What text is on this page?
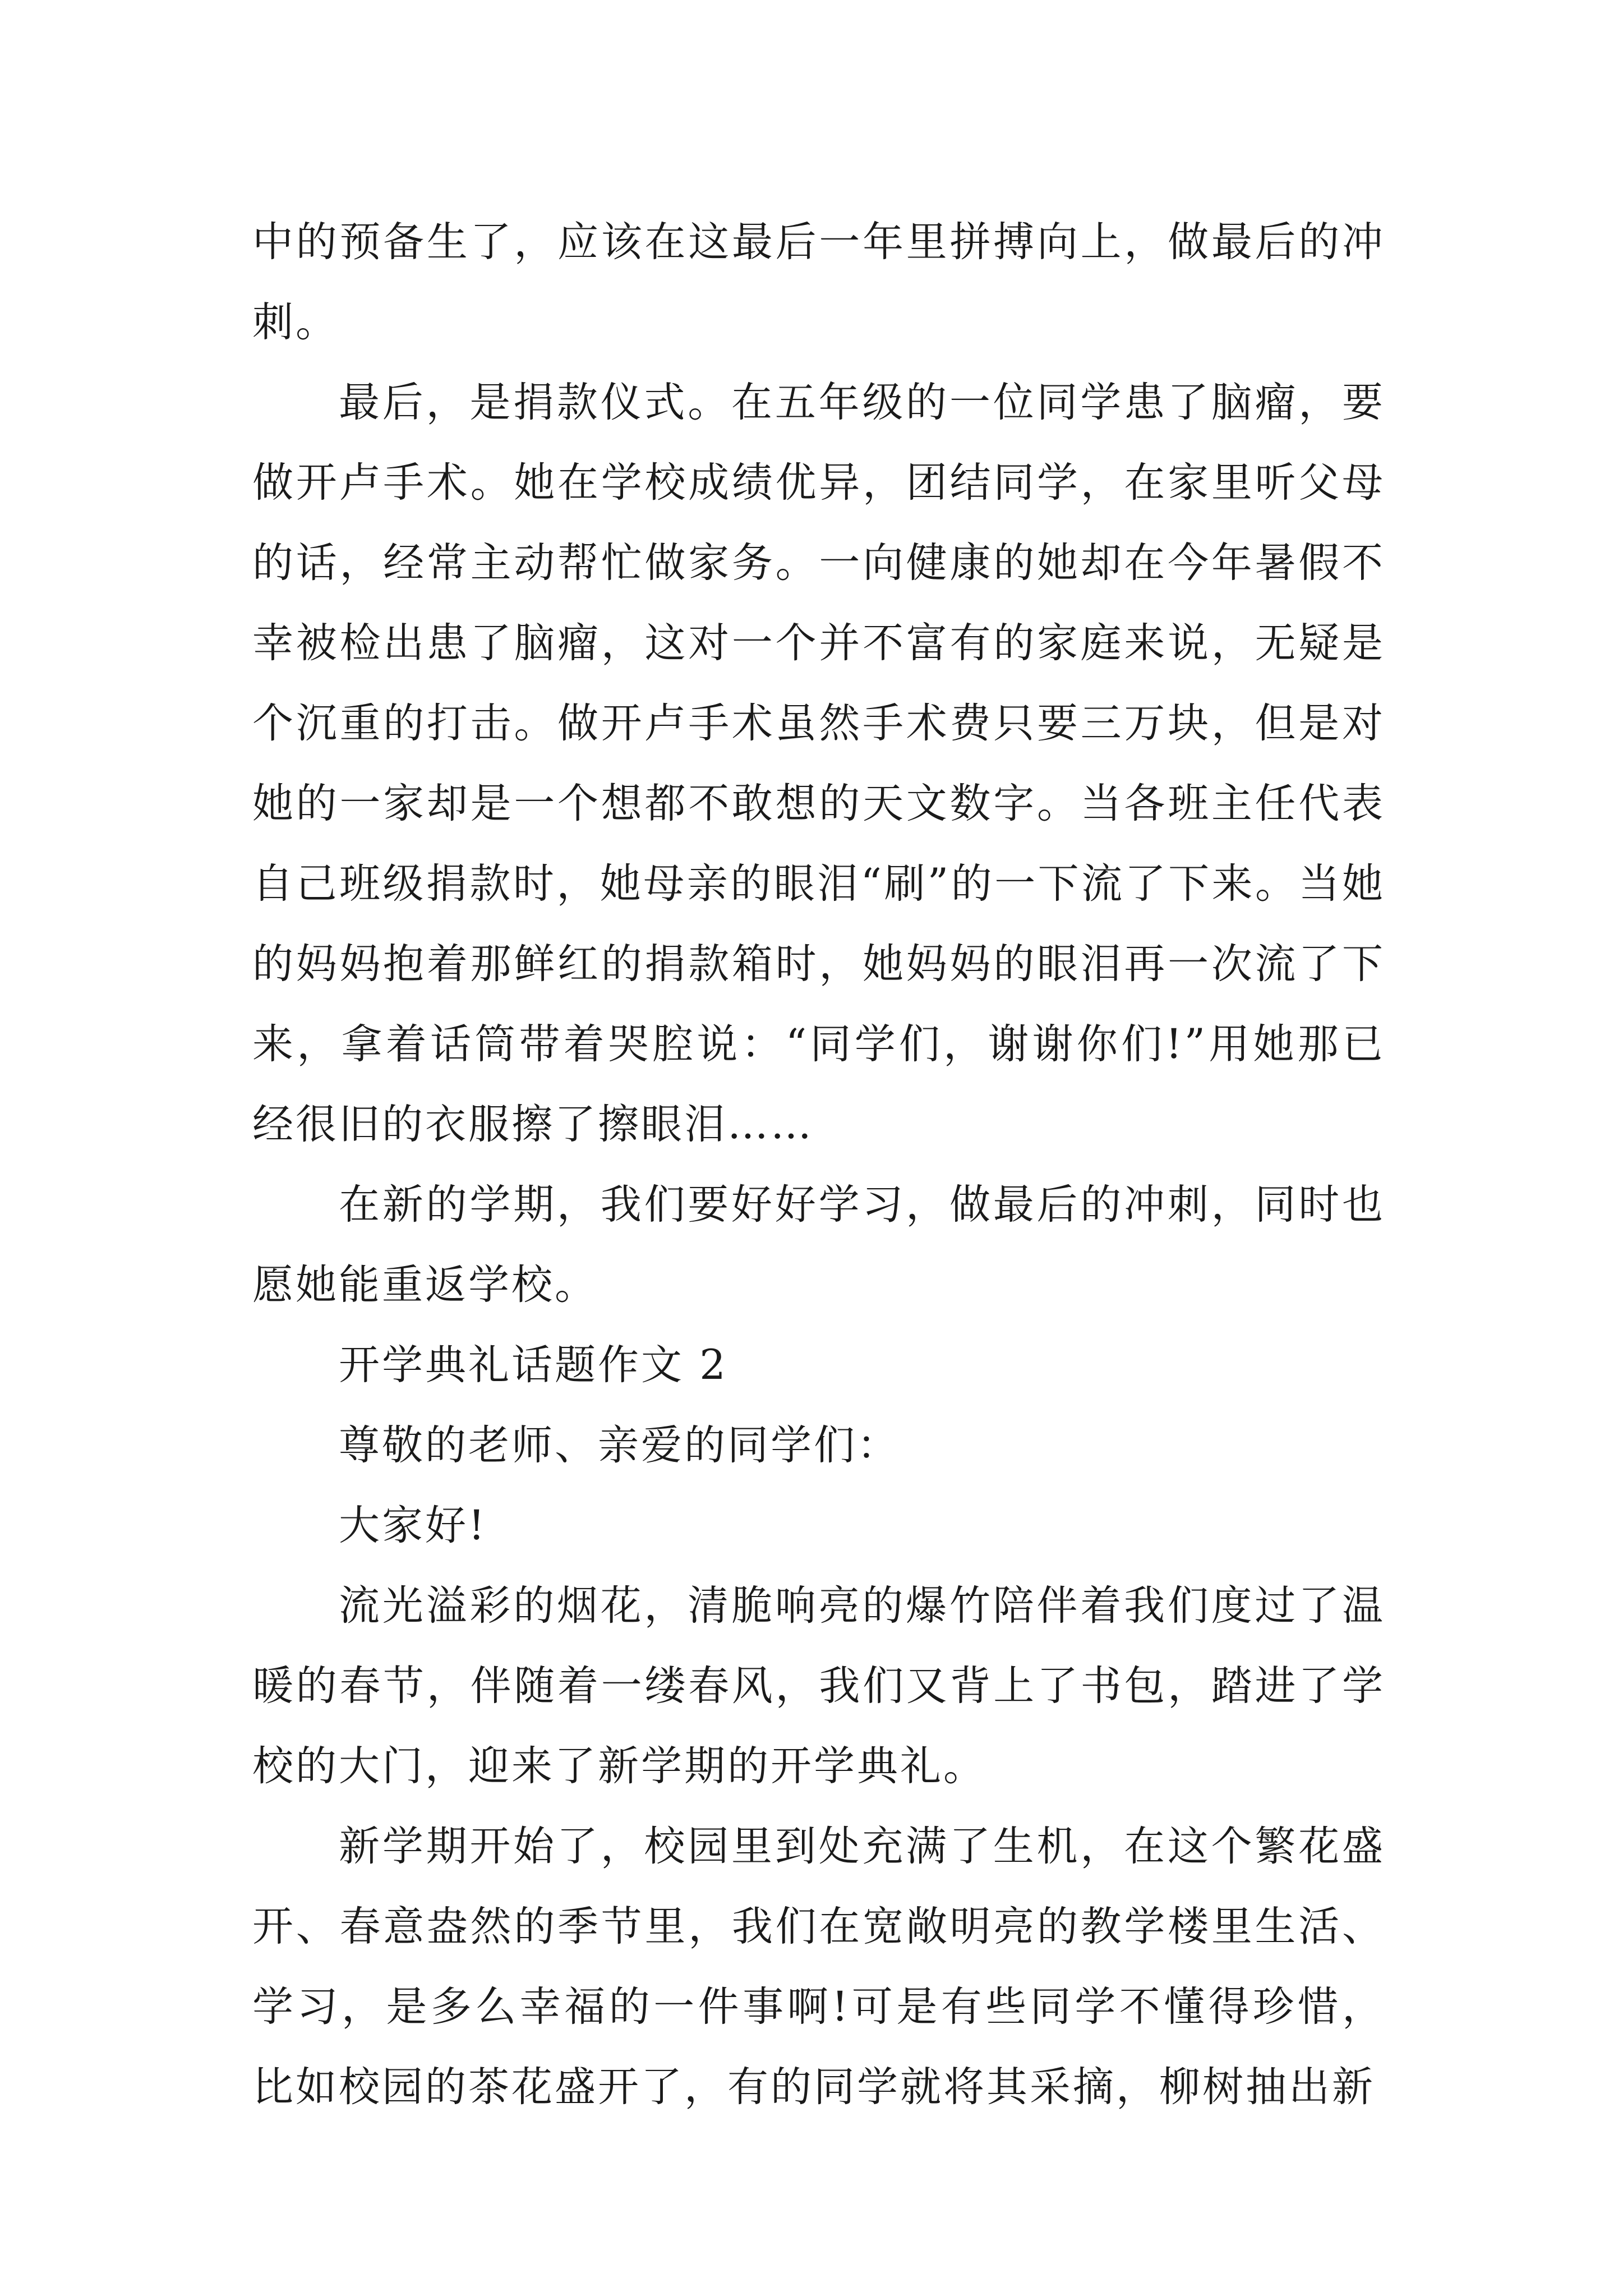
中的预备生了，应该在这最后一年里拼搏向上，做最后的冲刺。

最后，是捐款仪式。在五年级的一位同学患了脑瘤，要做开卢手术。她在学校成绩优异，团结同学，在家里听父母的话，经常主动帮忙做家务。一向健康的她却在今年暑假不幸被检出患了脑瘤，这对一个并不富有的家庭来说，无疑是个沉重的打击。做开卢手术虽然手术费只要三万块，但是对她的一家却是一个想都不敢想的天文数字。当各班主任代表自己班级捐款时，她母亲的眼泪“刷”的一下流了下来。当她的妈妈抱着那鲜红的捐款箱时，她妈妈的眼泪再一次流了下来，拿着话筒带着哭腔说：“同学们，谢谢你们!”用她那已经很旧的衣服擦了擦眼泪……

在新的学期，我们要好好学习，做最后的冲刺，同时也愿她能重返学校。

开学典礼话题作文 2

尊敬的老师、亲爱的同学们：

大家好!

流光溢彩的烟花，清脆响亮的爆竹陪伴着我们度过了温暖的春节，伴随着一缕春风，我们又背上了书包，踏进了学校的大门，迎来了新学期的开学典礼。

新学期开始了，校园里到处充满了生机，在这个繁花盛开、春意盎然的季节里，我们在宽敞明亮的教学楼里生活、学习，是多么幸福的一件事啊!可是有些同学不懂得珍惜，比如校园的茶花盛开了，有的同学就将其采摘，柳树抽出新
